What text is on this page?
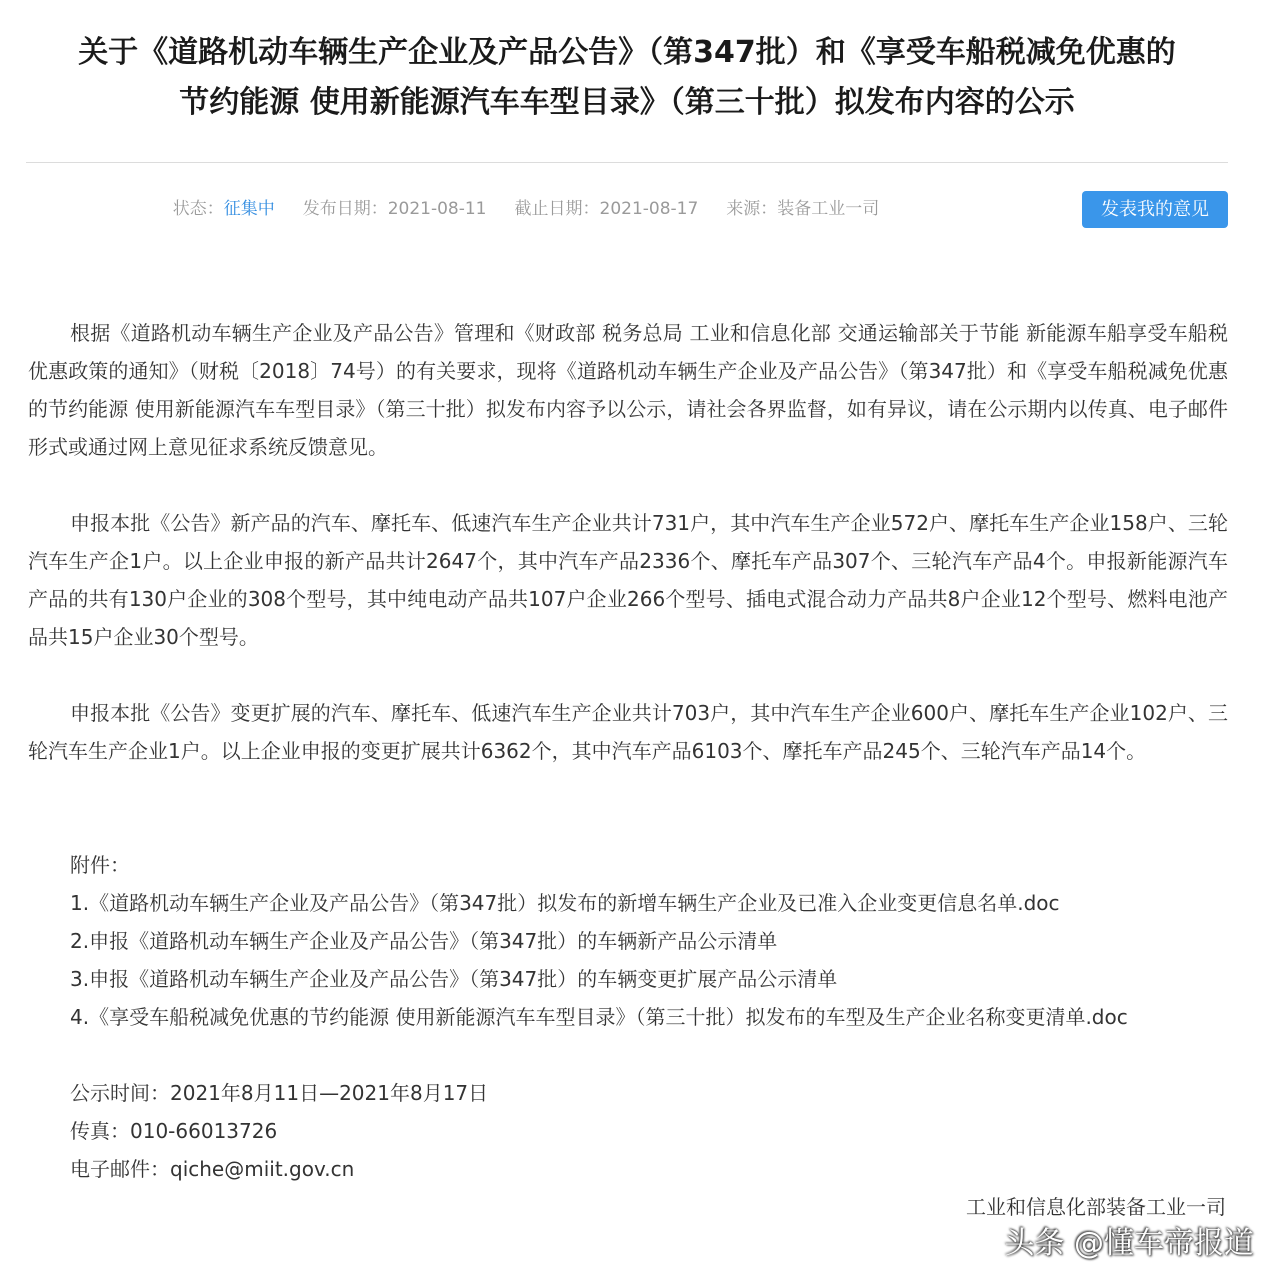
关于《道路机动车辆生产企业及产品公告》（第347批）和《享受车船税减免优惠的
节约能源 使用新能源汽车车型目录》（第三十批）拟发布内容的公示
状态：征集中 发布日期：2021-08-11 截止日期：2021-08-17 来源：装备工业一司	发表我的意见

根据《道路机动车辆生产企业及产品公告》管理和《财政部 税务总局 工业和信息化部 交通运输部关于节能 新能源车船享受车船税优惠政策的通知》（财税〔2018〕74号）的有关要求，现将《道路机动车辆生产企业及产品公告》（第347批）和《享受车船税减免优惠的节约能源 使用新能源汽车车型目录》（第三十批）拟发布内容予以公示，请社会各界监督，如有异议，请在公示期内以传真、电子邮件形式或通过网上意见征求系统反馈意见。

申报本批《公告》新产品的汽车、摩托车、低速汽车生产企业共计731户，其中汽车生产企业572户、摩托车生产企业158户、三轮汽车生产企1户。以上企业申报的新产品共计2647个，其中汽车产品2336个、摩托车产品307个、三轮汽车产品4个。申报新能源汽车产品的共有130户企业的308个型号，其中纯电动产品共107户企业266个型号、插电式混合动力产品共8户企业12个型号、燃料电池产品共15户企业30个型号。

申报本批《公告》变更扩展的汽车、摩托车、低速汽车生产企业共计703户，其中汽车生产企业600户、摩托车生产企业102户、三轮汽车生产企业1户。以上企业申报的变更扩展共计6362个，其中汽车产品6103个、摩托车产品245个、三轮汽车产品14个。

附件：
1.《道路机动车辆生产企业及产品公告》（第347批）拟发布的新增车辆生产企业及已准入企业变更信息名单.doc
2.申报《道路机动车辆生产企业及产品公告》（第347批）的车辆新产品公示清单
3.申报《道路机动车辆生产企业及产品公告》（第347批）的车辆变更扩展产品公示清单
4.《享受车船税减免优惠的节约能源 使用新能源汽车车型目录》（第三十批）拟发布的车型及生产企业名称变更清单.doc
公示时间：2021年8月11日—2021年8月17日
传真：010-66013726
电子邮件：qiche@miit.gov.cn
工业和信息化部装备工业一司
头条 @懂车帝报道
